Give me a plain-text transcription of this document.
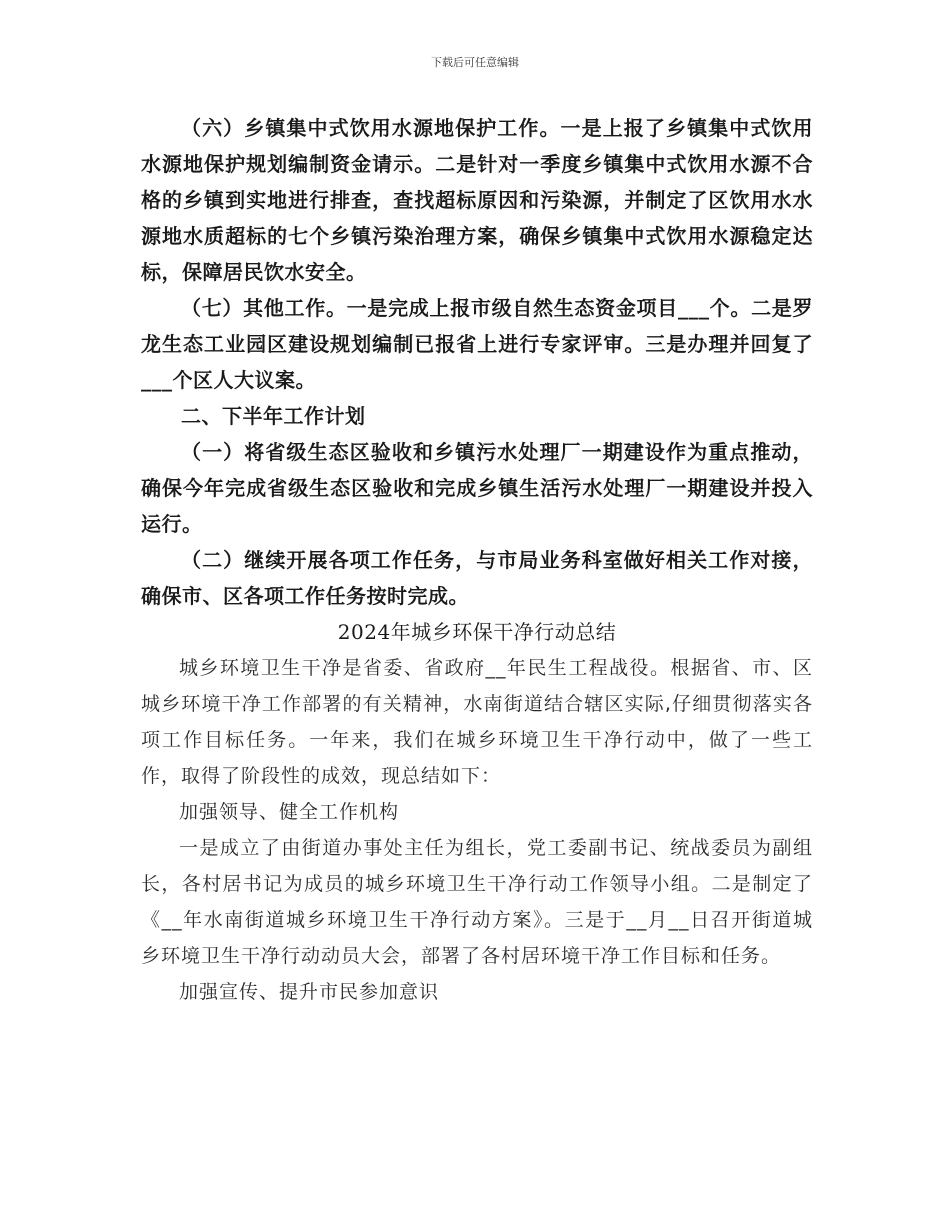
下载后可任意编辑

（六）乡镇集中式饮用水源地保护工作。一是上报了乡镇集中式饮用水源地保护规划编制资金请示。二是针对一季度乡镇集中式饮用水源不合格的乡镇到实地进行排查，查找超标原因和污染源，并制定了区饮用水水源地水质超标的七个乡镇污染治理方案，确保乡镇集中式饮用水源稳定达标，保障居民饮水安全。

（七）其他工作。一是完成上报市级自然生态资金项目___个。二是罗龙生态工业园区建设规划编制已报省上进行专家评审。三是办理并回复了___个区人大议案。

二、下半年工作计划

（一）将省级生态区验收和乡镇污水处理厂一期建设作为重点推动，确保今年完成省级生态区验收和完成乡镇生活污水处理厂一期建设并投入运行。

（二）继续开展各项工作任务，与市局业务科室做好相关工作对接，确保市、区各项工作任务按时完成。

2024年城乡环保干净行动总结

城乡环境卫生干净是省委、省政府__年民生工程战役。根据省、市、区城乡环境干净工作部署的有关精神，水南街道结合辖区实际,仔细贯彻落实各项工作目标任务。一年来，我们在城乡环境卫生干净行动中，做了一些工作，取得了阶段性的成效，现总结如下：

加强领导、健全工作机构

一是成立了由街道办事处主任为组长，党工委副书记、统战委员为副组长，各村居书记为成员的城乡环境卫生干净行动工作领导小组。二是制定了《__年水南街道城乡环境卫生干净行动方案》。三是于__月__日召开街道城乡环境卫生干净行动动员大会，部署了各村居环境干净工作目标和任务。

加强宣传、提升市民参加意识
